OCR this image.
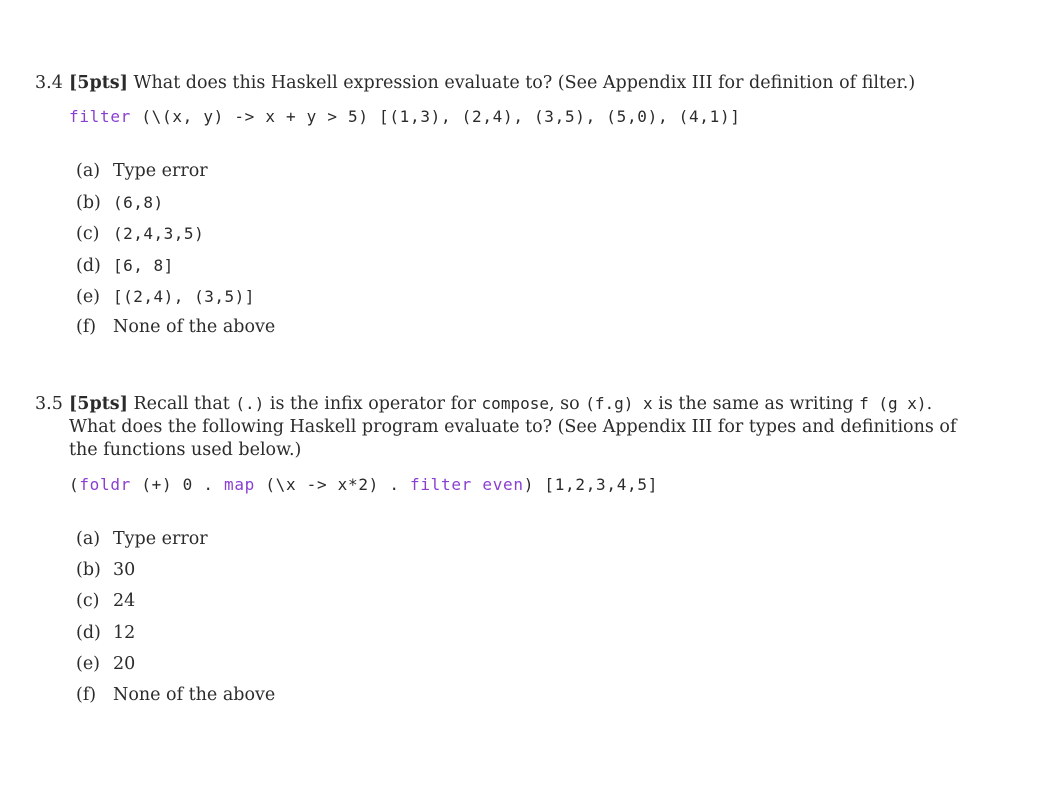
3.4 [5pts] What does this Haskell expression evaluate to? (See Appendix III for definition of filter.)
filter (\(x, y) -> x + y > 5) [(1,3), (2,4), (3,5), (5,0), (4,1)]
(a) Type error
(b) (6,8)
(c) (2,4,3,5)
(d) [6, 8]
(e) [(2,4), (3,5)]
(f) None of the above
3.5 [5pts] Recall that (.) is the infix operator for compose, so (f.g) x is the same as writing f (g x).
What does the following Haskell program evaluate to? (See Appendix III for types and definitions of
the functions used below.)
(foldr (+) 0 . map (\x -> x*2) . filter even) [1,2,3,4,5]
(a) Type error
(b) 30
(c) 24
(d) 12
(e) 20
(f) None of the above
